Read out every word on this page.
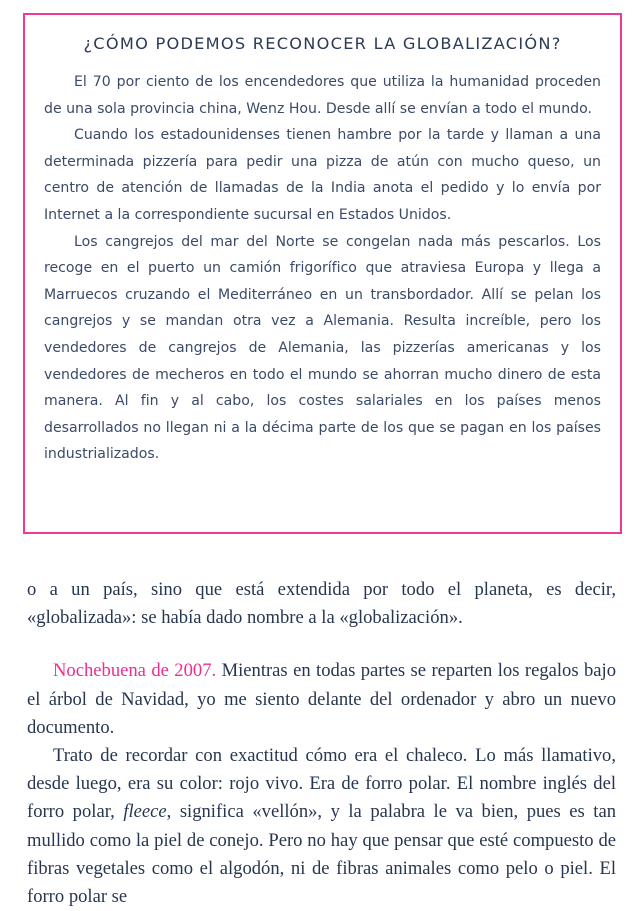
¿CÓMO PODEMOS RECONOCER LA GLOBALIZACIÓN?

El 70 por ciento de los encendedores que utiliza la humanidad proceden de una sola provincia china, Wenz Hou. Desde allí se envían a todo el mundo.

Cuando los estadounidenses tienen hambre por la tarde y llaman a una determinada pizzería para pedir una pizza de atún con mucho queso, un centro de atención de llamadas de la India anota el pedido y lo envía por Internet a la correspondiente sucursal en Estados Unidos.

Los cangrejos del mar del Norte se congelan nada más pescarlos. Los recoge en el puerto un camión frigorífico que atraviesa Europa y llega a Marruecos cruzando el Mediterráneo en un transbordador. Allí se pelan los cangrejos y se mandan otra vez a Alemania. Resulta increíble, pero los vendedores de cangrejos de Alemania, las pizzerías americanas y los vendedores de mecheros en todo el mundo se ahorran mucho dinero de esta manera. Al fin y al cabo, los costes salariales en los países menos desarrollados no llegan ni a la décima parte de los que se pagan en los países industrializados.

o a un país, sino que está extendida por todo el planeta, es decir, «globalizada»: se había dado nombre a la «globalización».

Nochebuena de 2007. Mientras en todas partes se reparten los regalos bajo el árbol de Navidad, yo me siento delante del ordenador y abro un nuevo documento.

Trato de recordar con exactitud cómo era el chaleco. Lo más llamativo, desde luego, era su color: rojo vivo. Era de forro polar. El nombre inglés del forro polar, fleece, significa «vellón», y la palabra le va bien, pues es tan mullido como la piel de conejo. Pero no hay que pensar que esté compuesto de fibras vegetales como el algodón, ni de fibras animales como pelo o piel. El forro polar se
